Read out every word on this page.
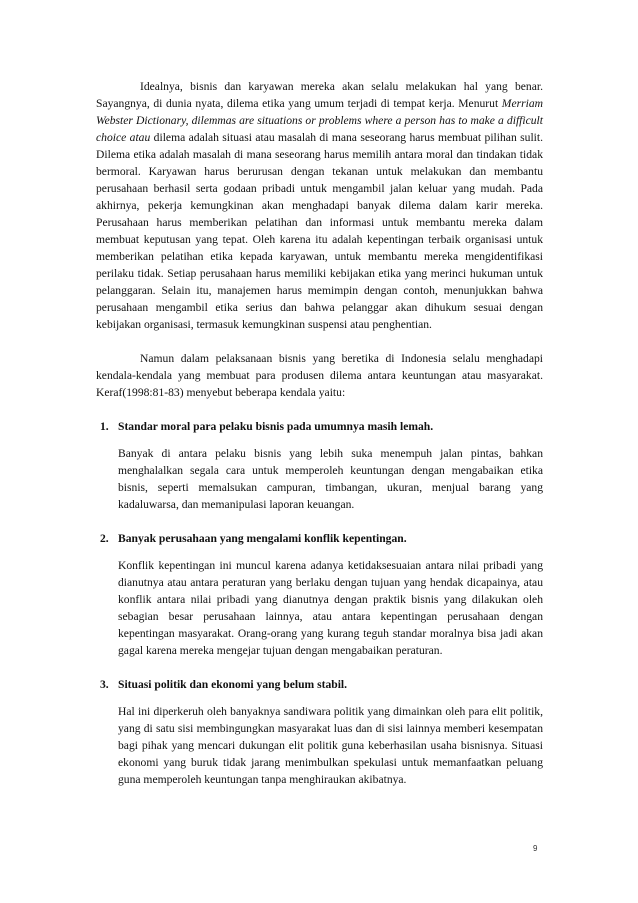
Idealnya, bisnis dan karyawan mereka akan selalu melakukan hal yang benar. Sayangnya, di dunia nyata, dilema etika yang umum terjadi di tempat kerja. Menurut Merriam Webster Dictionary, dilemmas are situations or problems where a person has to make a difficult choice atau dilema adalah situasi atau masalah di mana seseorang harus membuat pilihan sulit. Dilema etika adalah masalah di mana seseorang harus memilih antara moral dan tindakan tidak bermoral. Karyawan harus berurusan dengan tekanan untuk melakukan dan membantu perusahaan berhasil serta godaan pribadi untuk mengambil jalan keluar yang mudah. Pada akhirnya, pekerja kemungkinan akan menghadapi banyak dilema dalam karir mereka. Perusahaan harus memberikan pelatihan dan informasi untuk membantu mereka dalam membuat keputusan yang tepat. Oleh karena itu adalah kepentingan terbaik organisasi untuk memberikan pelatihan etika kepada karyawan, untuk membantu mereka mengidentifikasi perilaku tidak. Setiap perusahaan harus memiliki kebijakan etika yang merinci hukuman untuk pelanggaran. Selain itu, manajemen harus memimpin dengan contoh, menunjukkan bahwa perusahaan mengambil etika serius dan bahwa pelanggar akan dihukum sesuai dengan kebijakan organisasi, termasuk kemungkinan suspensi atau penghentian.

Namun dalam pelaksanaan bisnis yang beretika di Indonesia selalu menghadapi kendala-kendala yang membuat para produsen dilema antara keuntungan atau masyarakat. Keraf(1998:81-83) menyebut beberapa kendala yaitu:

1. Standar moral para pelaku bisnis pada umumnya masih lemah.

Banyak di antara pelaku bisnis yang lebih suka menempuh jalan pintas, bahkan menghalalkan segala cara untuk memperoleh keuntungan dengan mengabaikan etika bisnis, seperti memalsukan campuran, timbangan, ukuran, menjual barang yang kadaluwarsa, dan memanipulasi laporan keuangan.

2. Banyak perusahaan yang mengalami konflik kepentingan.

Konflik kepentingan ini muncul karena adanya ketidaksesuaian antara nilai pribadi yang dianutnya atau antara peraturan yang berlaku dengan tujuan yang hendak dicapainya, atau konflik antara nilai pribadi yang dianutnya dengan praktik bisnis yang dilakukan oleh sebagian besar perusahaan lainnya, atau antara kepentingan perusahaan dengan kepentingan masyarakat. Orang-orang yang kurang teguh standar moralnya bisa jadi akan gagal karena mereka mengejar tujuan dengan mengabaikan peraturan.

3. Situasi politik dan ekonomi yang belum stabil.

Hal ini diperkeruh oleh banyaknya sandiwara politik yang dimainkan oleh para elit politik, yang di satu sisi membingungkan masyarakat luas dan di sisi lainnya memberi kesempatan bagi pihak yang mencari dukungan elit politik guna keberhasilan usaha bisnisnya. Situasi ekonomi yang buruk tidak jarang menimbulkan spekulasi untuk memanfaatkan peluang guna memperoleh keuntungan tanpa menghiraukan akibatnya.

9
